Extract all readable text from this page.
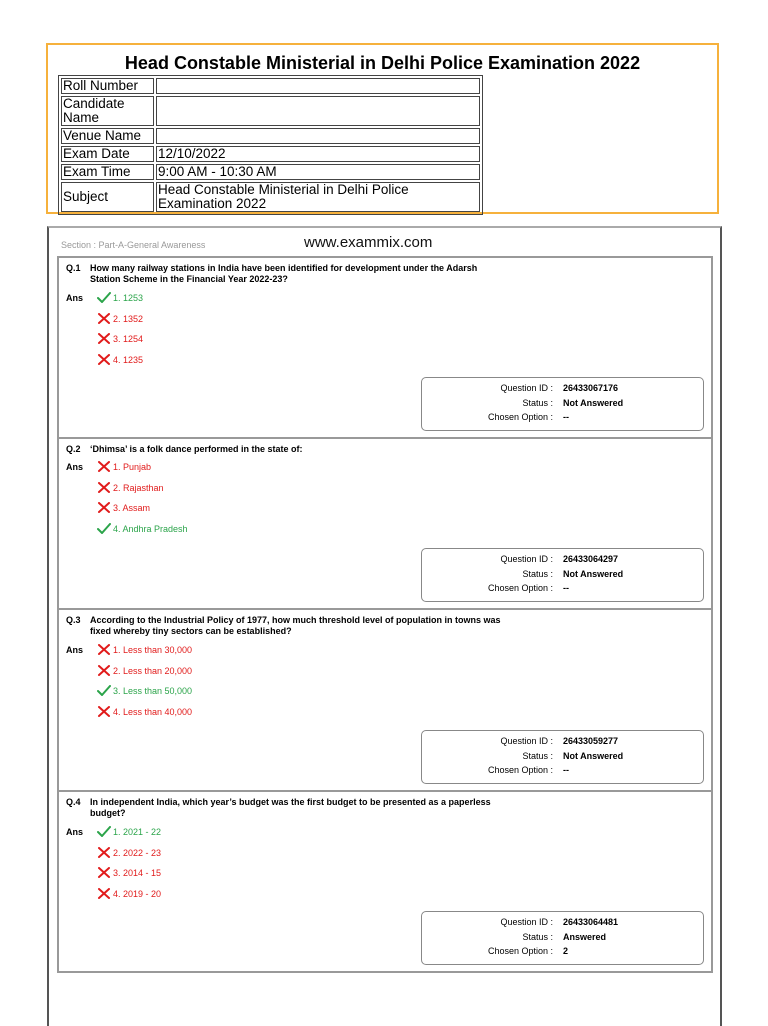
Head Constable Ministerial in Delhi Police Examination 2022
Roll Number	
Candidate Name	
Venue Name	
Exam Date	12/10/2022
Exam Time	9:00 AM - 10:30 AM
Subject	Head Constable Ministerial in Delhi Police Examination 2022
Section : Part-A-General Awareness	www.exammix.com
Q.1 How many railway stations in India have been identified for development under the Adarsh Station Scheme in the Financial Year 2022-23?
Ans	1. 1253
2. 1352
3. 1254
4. 1235
Question ID : 26433067176
Status : Not Answered
Chosen Option : --
Q.2 ‘Dhimsa’ is a folk dance performed in the state of:
Ans	1. Punjab
2. Rajasthan
3. Assam
4. Andhra Pradesh
Question ID : 26433064297
Status : Not Answered
Chosen Option : --
Q.3 According to the Industrial Policy of 1977, how much threshold level of population in towns was fixed whereby tiny sectors can be established?
Ans	1. Less than 30,000
2. Less than 20,000
3. Less than 50,000
4. Less than 40,000
Question ID : 26433059277
Status : Not Answered
Chosen Option : --
Q.4 In independent India, which year’s budget was the first budget to be presented as a paperless budget?
Ans	1. 2021 - 22
2. 2022 - 23
3. 2014 - 15
4. 2019 - 20
Question ID : 26433064481
Status : Answered
Chosen Option : 2
